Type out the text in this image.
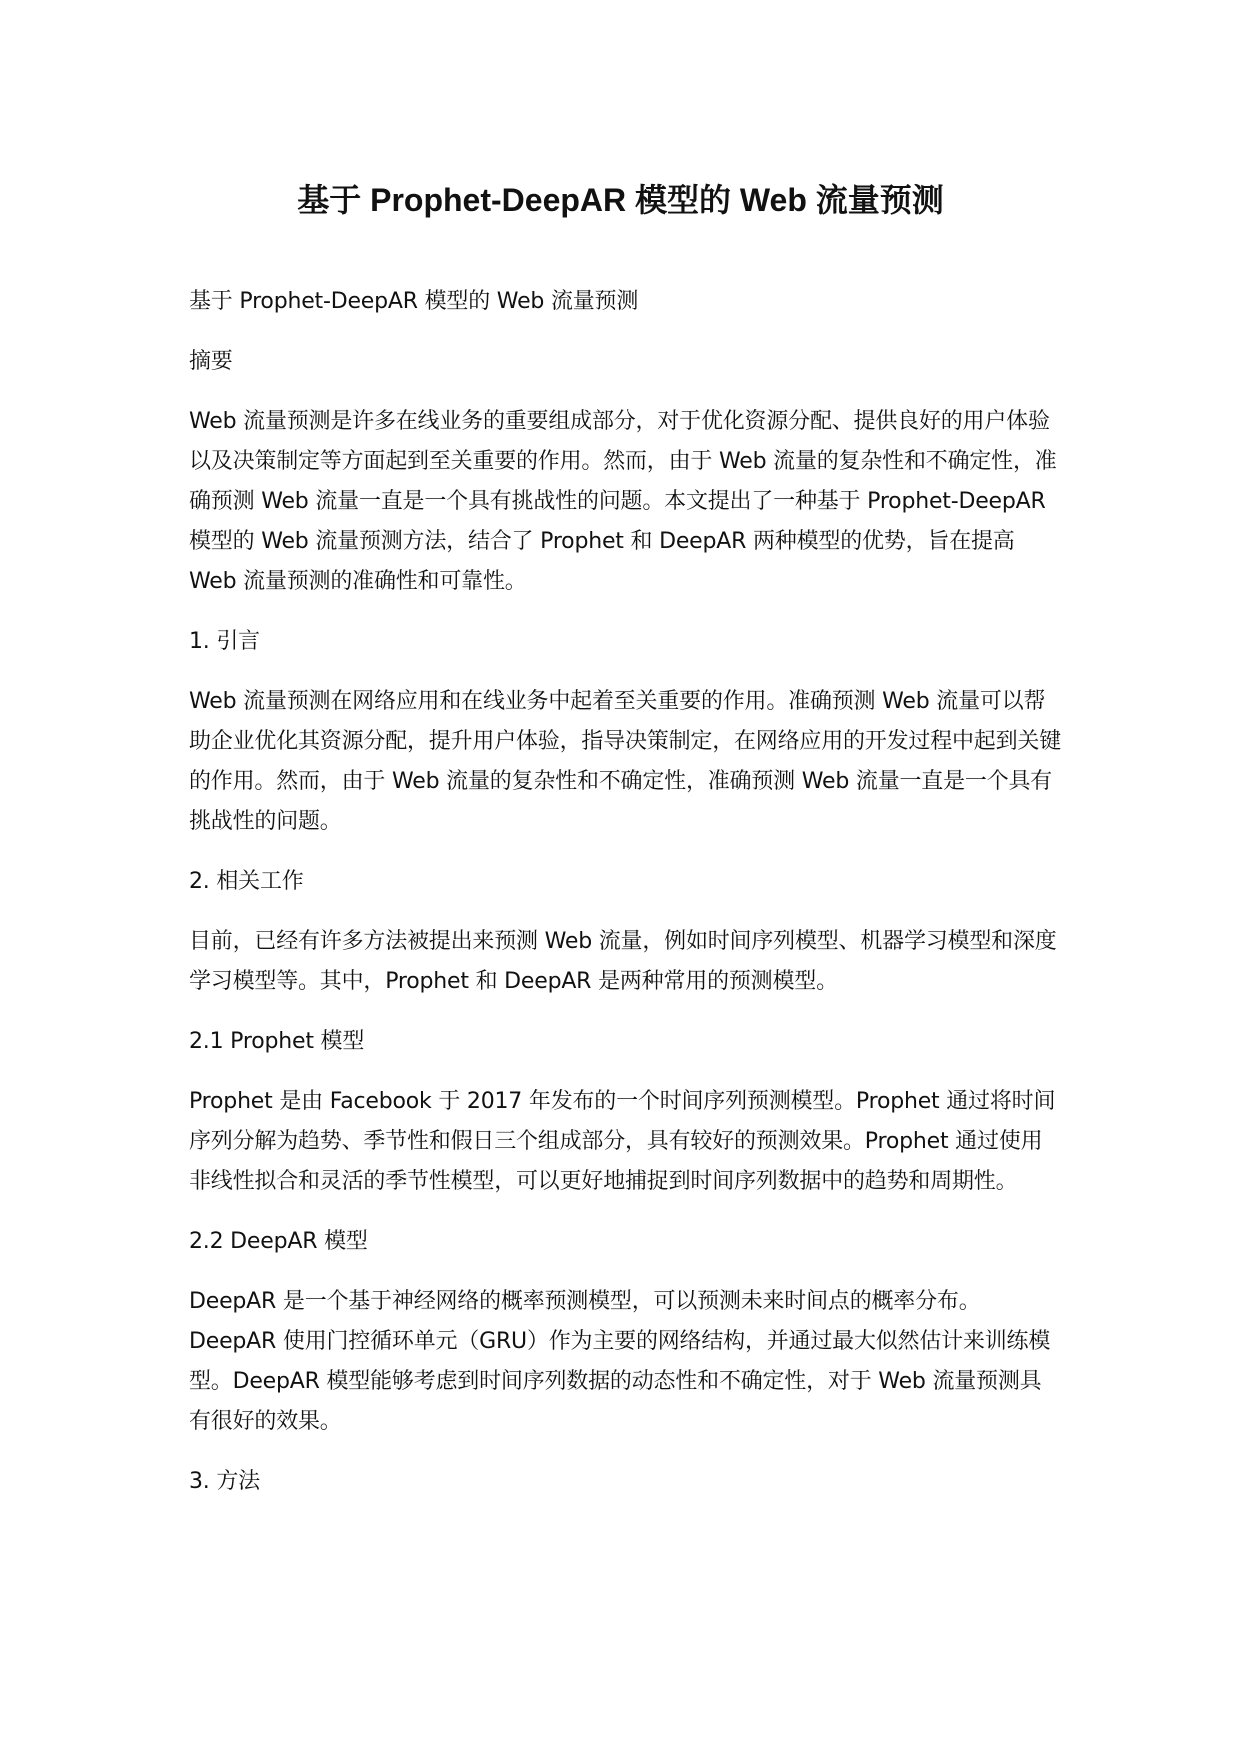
基于 Prophet-DeepAR 模型的 Web 流量预测

基于 Prophet-DeepAR 模型的 Web 流量预测

摘要

Web 流量预测是许多在线业务的重要组成部分，对于优化资源分配、提供良好的用户体验以及决策制定等方面起到至关重要的作用。然而，由于 Web 流量的复杂性和不确定性，准确预测 Web 流量一直是一个具有挑战性的问题。本文提出了一种基于 Prophet-DeepAR 模型的 Web 流量预测方法，结合了 Prophet 和 DeepAR 两种模型的优势，旨在提高 Web 流量预测的准确性和可靠性。

1. 引言

Web 流量预测在网络应用和在线业务中起着至关重要的作用。准确预测 Web 流量可以帮助企业优化其资源分配，提升用户体验，指导决策制定，在网络应用的开发过程中起到关键的作用。然而，由于 Web 流量的复杂性和不确定性，准确预测 Web 流量一直是一个具有挑战性的问题。

2. 相关工作

目前，已经有许多方法被提出来预测 Web 流量，例如时间序列模型、机器学习模型和深度学习模型等。其中，Prophet 和 DeepAR 是两种常用的预测模型。

2.1 Prophet 模型

Prophet 是由 Facebook 于 2017 年发布的一个时间序列预测模型。Prophet 通过将时间序列分解为趋势、季节性和假日三个组成部分，具有较好的预测效果。Prophet 通过使用非线性拟合和灵活的季节性模型，可以更好地捕捉到时间序列数据中的趋势和周期性。

2.2 DeepAR 模型

DeepAR 是一个基于神经网络的概率预测模型，可以预测未来时间点的概率分布。DeepAR 使用门控循环单元（GRU）作为主要的网络结构，并通过最大似然估计来训练模型。DeepAR 模型能够考虑到时间序列数据的动态性和不确定性，对于 Web 流量预测具有很好的效果。

3. 方法
